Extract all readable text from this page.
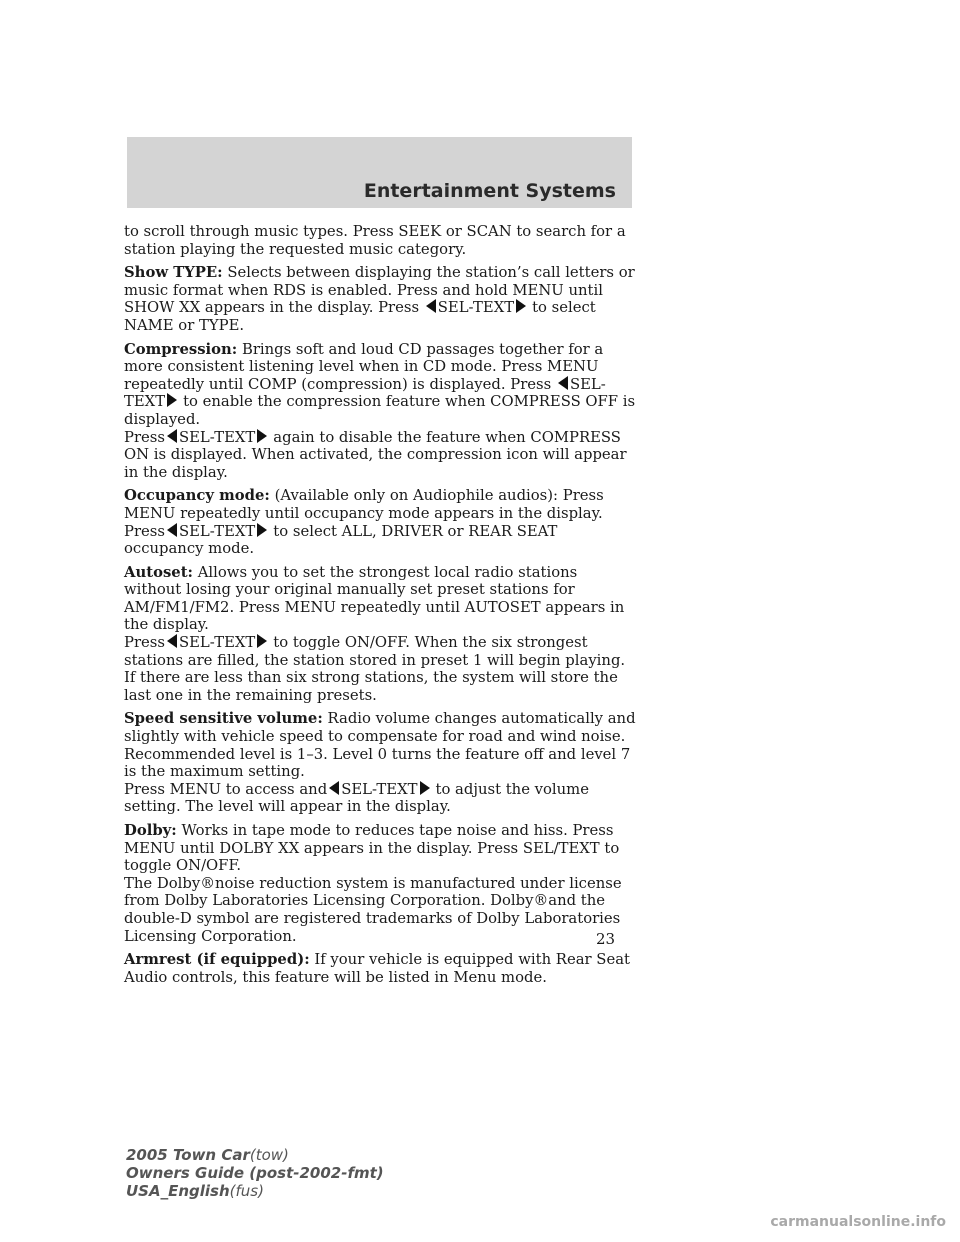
Entertainment Systems

to scroll through music types. Press SEEK or SCAN to search for a station playing the requested music category.

Show TYPE: Selects between displaying the station’s call letters or music format when RDS is enabled. Press and hold MENU until SHOW XX appears in the display. Press SEL-TEXT to select NAME or TYPE.

Compression: Brings soft and loud CD passages together for a more consistent listening level when in CD mode. Press MENU repeatedly until COMP (compression) is displayed. Press SEL-TEXT to enable the compression feature when COMPRESS OFF is displayed.
Press SEL-TEXT again to disable the feature when COMPRESS ON is displayed. When activated, the compression icon will appear in the display.

Occupancy mode: (Available only on Audiophile audios): Press MENU repeatedly until occupancy mode appears in the display.
Press SEL-TEXT to select ALL, DRIVER or REAR SEAT occupancy mode.

Autoset: Allows you to set the strongest local radio stations without losing your original manually set preset stations for AM/FM1/FM2. Press MENU repeatedly until AUTOSET appears in the display.
Press SEL-TEXT to toggle ON/OFF. When the six strongest stations are filled, the station stored in preset 1 will begin playing. If there are less than six strong stations, the system will store the last one in the remaining presets.

Speed sensitive volume: Radio volume changes automatically and slightly with vehicle speed to compensate for road and wind noise. Recommended level is 1–3. Level 0 turns the feature off and level 7 is the maximum setting.
Press MENU to access and SEL-TEXT to adjust the volume setting. The level will appear in the display.

Dolby: Works in tape mode to reduces tape noise and hiss. Press MENU until DOLBY XX appears in the display. Press SEL/TEXT to toggle ON/OFF.
The Dolby®noise reduction system is manufactured under license from Dolby Laboratories Licensing Corporation. Dolby®and the double-D symbol are registered trademarks of Dolby Laboratories Licensing Corporation.

Armrest (if equipped): If your vehicle is equipped with Rear Seat Audio controls, this feature will be listed in Menu mode.

23
2005 Town Car(tow)
Owners Guide (post-2002-fmt)
USA_English(fus)
carmanualsonline.info
